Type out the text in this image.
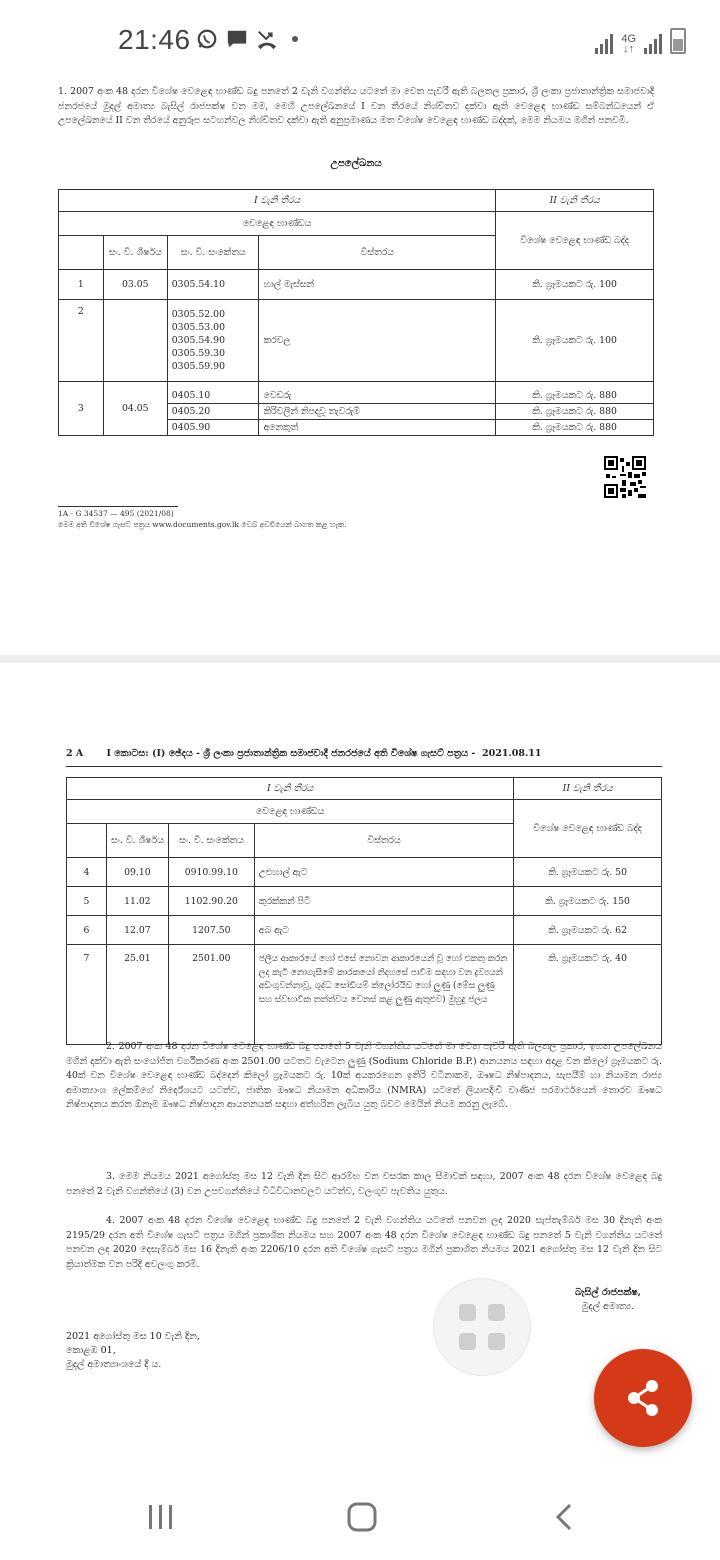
21:46	4G
↓↑
1. 2007 අංක 48 දරන විශේෂ වෙළෙඳ භාණ්ඩ බදු පනතේ 2 වැනි වගන්තිය යටතේ මා වෙත පැවරී ඇති බලතල ප්‍රකාර, ශ්‍රී ලංකා ප්‍රජාතාන්ත්‍රික සමාජවාදී ජනරජයේ මුදල් අමාත්‍ය බැසිල් රාජපක්ෂ වන මම, මෙහි උපලේඛනයේ I වන තීරයේ නිශ්චිතව දක්වා ඇති වෙළෙඳ භාණ්ඩ සම්බන්ධයෙන් ඒ උපලේඛනයේ II වන තීරයේ අනුරූප සටහන්වල නිශ්චිතව දක්වා ඇති අනුප්‍රමාණය මත විශේෂ වෙළෙඳ භාණ්ඩ බද්දක්, මෙම නියමය මගින් පනවමි.
උපලේඛනය
I වැනි තීරය				II වැනි තීරය
වෙළෙඳ භාණ්ඩය				විශේෂ වෙළෙඳ භාණ්ඩ බද්ද
	සං. වි. ශීර්ෂය	සං. වි. සංකේතය	විස්තරය	
1	03.05	0305.54.10	හාල් මැස්සන්	කි. ග්‍රෑමයකට රු. 100
2		0305.52.00
0305.53.00
0305.54.90
0305.59.30
0305.59.90	කරවල	කි. ග්‍රෑමයකට රු. 100
3	04.05	0405.10	වෙඩරු	කි. ග්‍රෑමයකට රු. 880
		0405.20	කිරිවලින් නිපදවූ තැවරුම්	කි. ග්‍රෑමයකට රු. 880
		0405.90	අනෙකුත්	කි. ග්‍රෑමයකට රු. 880
1A - G 34537 — 495 (2021/08)
මෙම අති විශේෂ ගැසට් පත්‍රය www.documents.gov.lk වෙබ් අඩවියෙන් බාගත කළ හැක.
2 A       I කොටස: (I) ඡේදය - ශ්‍රී ලංකා ප්‍රජාතාන්ත්‍රික සමාජවාදී ජනරජයේ අති විශේෂ ගැසට් පත්‍රය -  2021.08.11
I වැනි තීරය				II වැනි තීරය
වෙළෙඳ භාණ්ඩය				විශේෂ වෙළෙඳ භාණ්ඩ බද්ද
	සං. වි. ශීර්ෂය	සං. වි. සංකේතය	විස්තරය	
4	09.10	0910.99.10	උළුහාල් ඇට	කි. ග්‍රෑමයකට රු. 50
5	11.02	1102.90.20	කුරක්කන් පිටි	කි. ග්‍රෑමයකට රු. 150
6	12.07	1207.50	අබ ඇට	කි. ග්‍රෑමයකට රු. 62
7	25.01	2501.00	ජලීය ආකාරයේ හෝ එසේ නොවන ආකාරයෙන් වූ හෝ එකතු කරන ලද කැටි නොගැසීමේ කාරකයෝ නිදහසේ පාවීම සඳහා වන ද්‍රව්‍යයන් අඩංගුවන්නාවූ, ශුද්ධ සෝඩියම් ක්ලෝරයිඩ හෝ ලුණු (මේස ලුණු සහ ස්වභාවික තත්ත්වය වෙනස් කළ ලුණු ඇතුළුව) මුහුදු ජලය	කි. ග්‍රෑමයකට රු. 40
2. 2007 අංක 48 දරන විශේෂ වෙළෙඳ භාණ්ඩ බදු පනතේ 5 වැනි වගන්තිය යටතේ මා වෙත පැවරී ඇති බලතල ප්‍රකාර, ඉහත උපලේඛනය මගින් දක්වා ඇති සංයෝජිත වර්ගීකරණ අංක 2501.00 යටතට වැටෙන ලුණු (Sodium Chloride B.P.) ආනයනය සඳහා අදාළ වන කිලෝ ග්‍රෑමයකට රු. 40ක් වන විශේෂ වෙළෙඳ භාණ්ඩ බද්දෙන් කිලෝ ග්‍රෑමයකට රු. 10ක් අයකරගෙන ඉතිරි වටිනාකම, ඖෂධ නිෂ්පාදනය, සැපයීම් හා නියාමන රාජ්‍ය අමාත්‍යාංශ ලේකම්ගේ නිර්දේශයට යටත්ව, ජාතික ඖෂධ නියාමන අධිකාරිය (NMRA) යටතේ ලියාපදිංචි වාණිජ පරමාර්ථයෙන් තොරව ඖෂධ නිෂ්පාදනය කරන ඕනෑම ඖෂධ නිෂ්පාදන ආයතනයක් සඳහා අත්හරින ලැබිය යුතු බවට මෙයින් නියම කරනු ලැබේ.
3. මෙම නියමය 2021 අගෝස්තු මස 12 වැනි දින සිට ආරම්භ වන වසරක කාල සීමාවක් සඳහා, 2007 අංක 48 දරන විශේෂ වෙළෙඳ බදු පනතේ 2 වැනි වගන්තියේ (3) වන උපවගන්තියේ විධිවිධානවලට යටත්ව, වලංගුව පැවතිය යුතුය.
4. 2007 අංක 48 දරන විශේෂ වෙළෙඳ භාණ්ඩ බදු පනතේ 2 වැනි වගන්තිය යටතේ පනවන ලද 2020 සැප්තැම්බර් මස 30 දිනැති අංක 2195/29 දරන අති විශේෂ ගැසට් පත්‍රය මගින් ප්‍රකාශිත නියමය සහ 2007 අංක 48 දරන විශේෂ වෙළෙඳ භාණ්ඩ බදු පනතේ 5 වැනි වගන්තිය යටතේ පනවන ලද 2020 දෙසැම්බර් මස 16 දිනැති අංක 2206/10 දරන අති විශේෂ ගැසට් පත්‍රය මගින් ප්‍රකාශිත නියමය 2021 අගෝස්තු මස 12 වැනි දින සිට ක්‍රියාත්මක වන පරිදි අවලංගු කරමි.
බැසිල් රාජපක්ෂ,
මුදල් අමාත්‍ය.
2021 අගෝස්තු මස 10 වැනි දින,
කොළඹ 01,
මුදල් අමාත්‍යාංශයේ දී ය.
